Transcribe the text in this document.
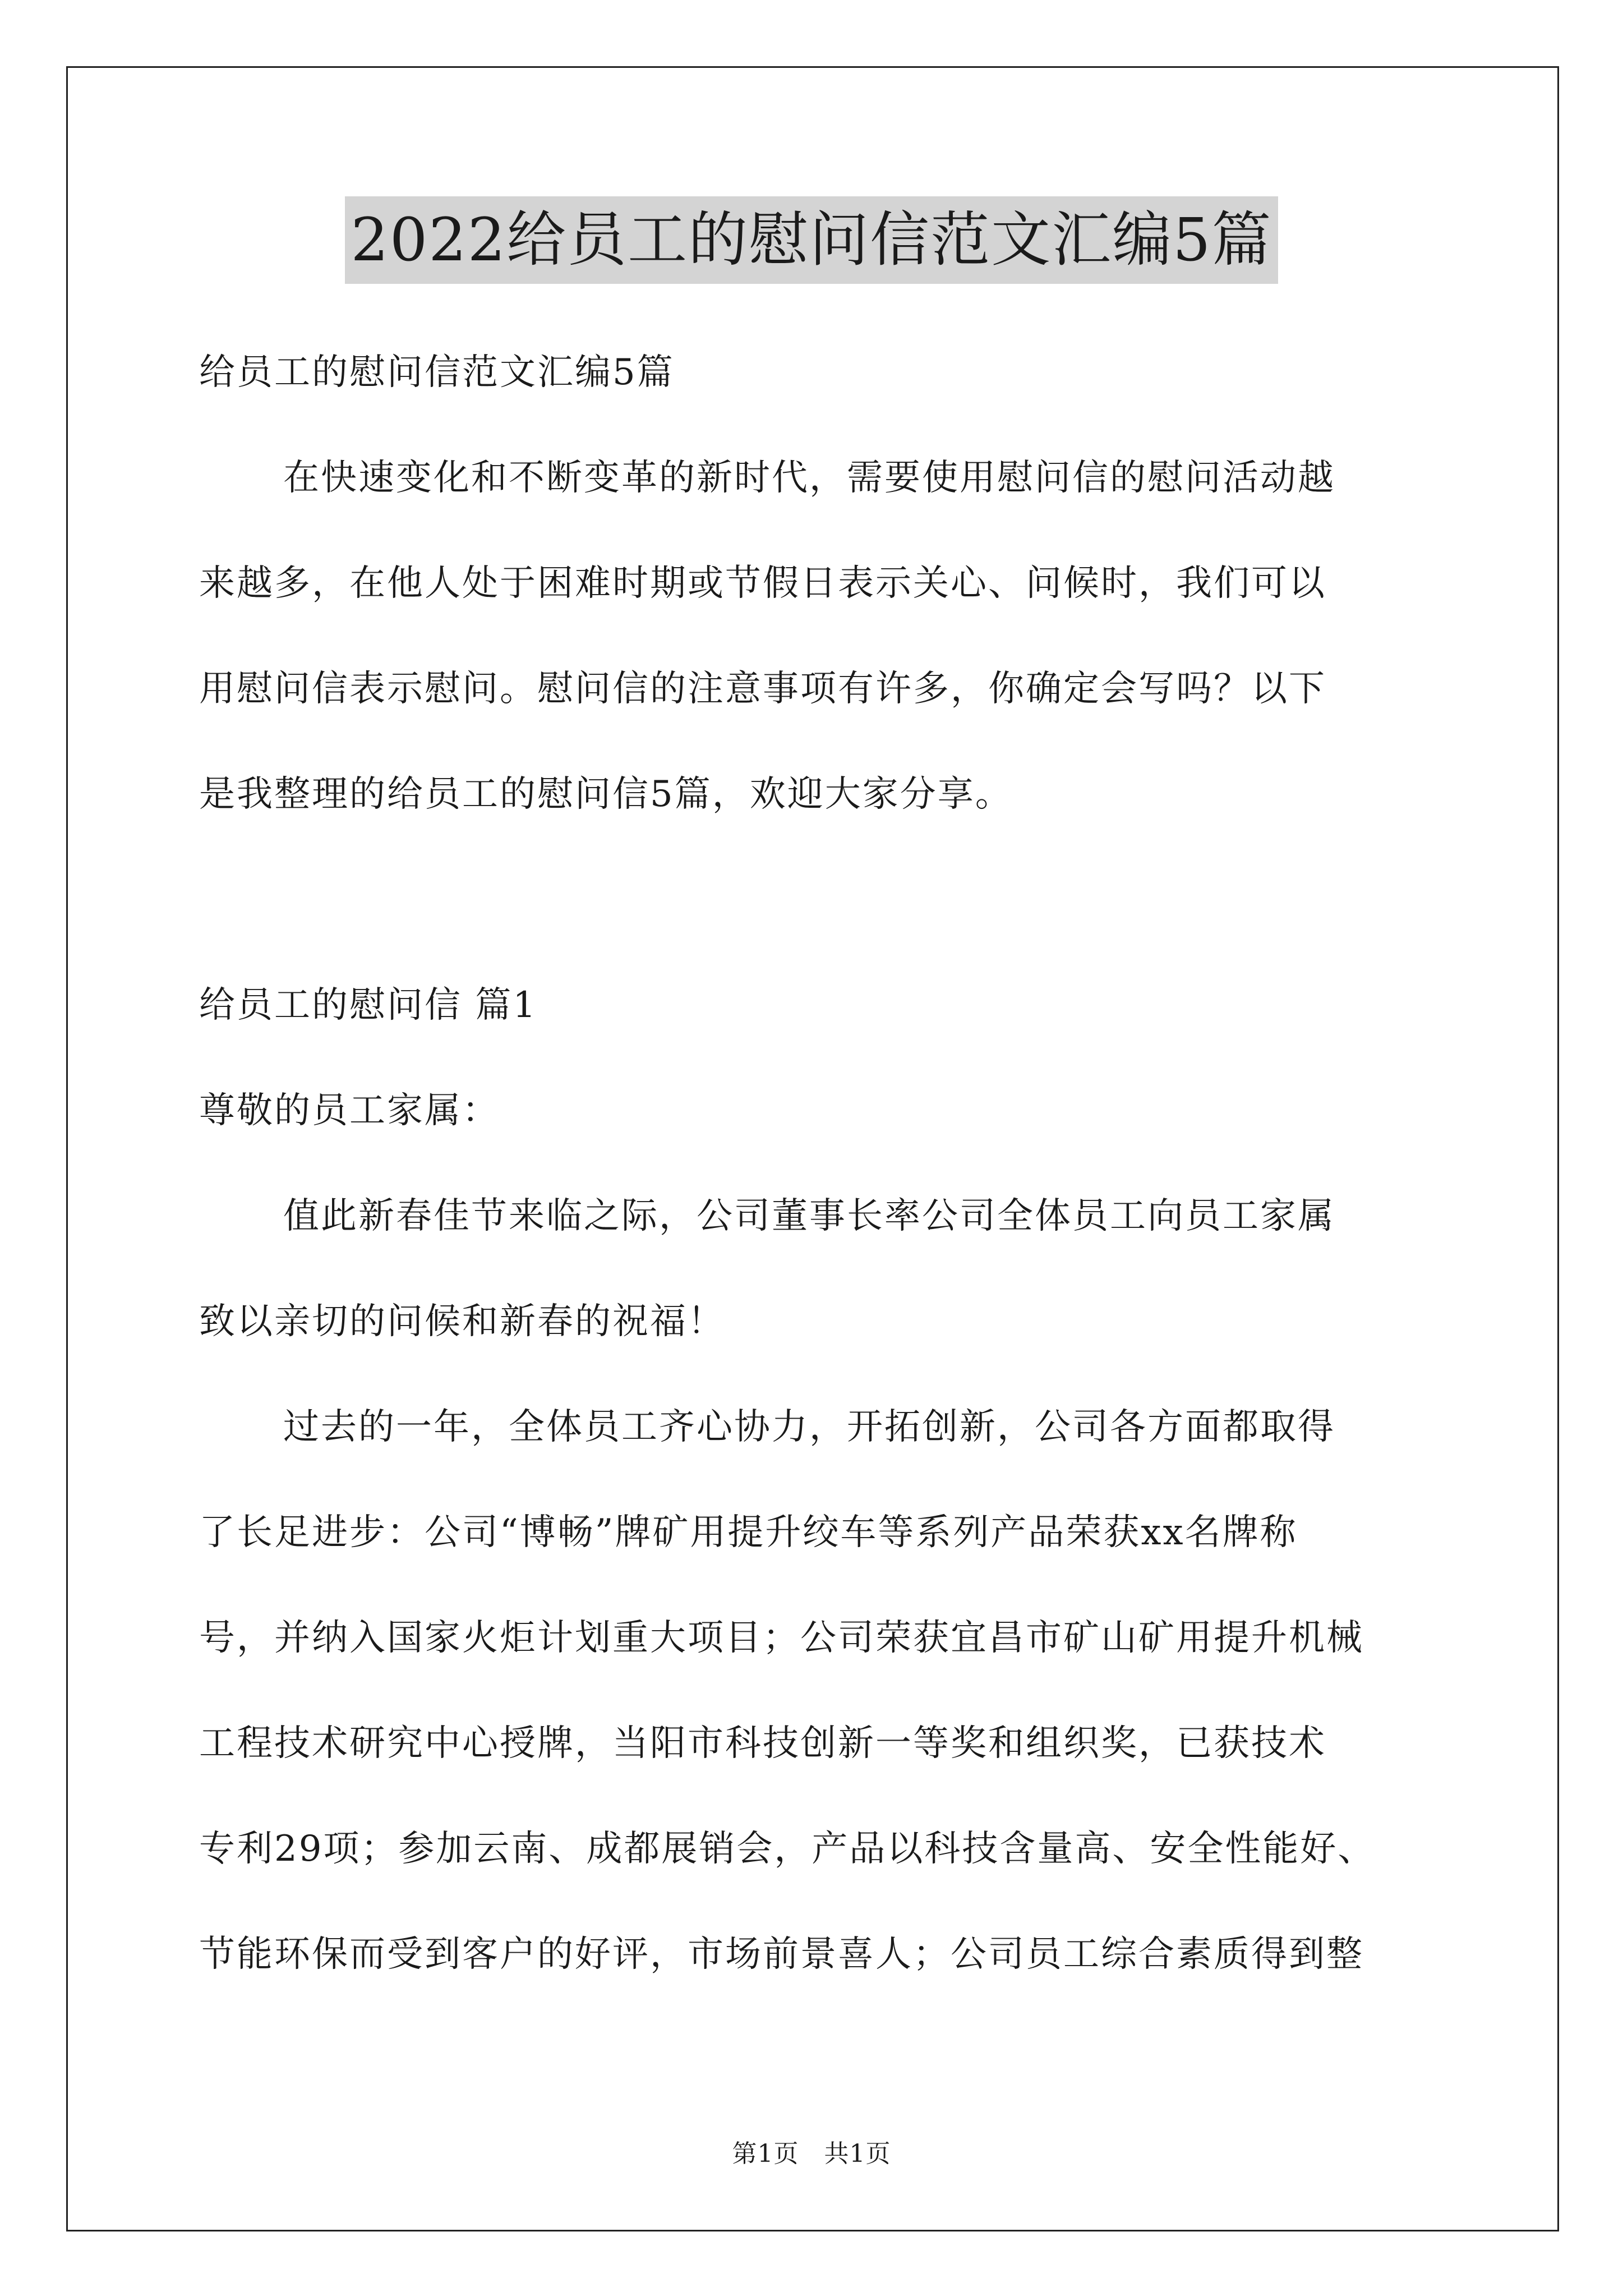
2022给员工的慰问信范文汇编5篇
给员工的慰问信范文汇编5篇
在快速变化和不断变革的新时代，需要使用慰问信的慰问活动越
来越多，在他人处于困难时期或节假日表示关心、问候时，我们可以
用慰问信表示慰问。慰问信的注意事项有许多，你确定会写吗？以下
是我整理的给员工的慰问信5篇，欢迎大家分享。
给员工的慰问信 篇1
尊敬的员工家属：
值此新春佳节来临之际，公司董事长率公司全体员工向员工家属
致以亲切的问候和新春的祝福！
过去的一年，全体员工齐心协力，开拓创新，公司各方面都取得
了长足进步：公司“博畅”牌矿用提升绞车等系列产品荣获xx名牌称
号，并纳入国家火炬计划重大项目；公司荣获宜昌市矿山矿用提升机械
工程技术研究中心授牌，当阳市科技创新一等奖和组织奖，已获技术
专利29项；参加云南、成都展销会，产品以科技含量高、安全性能好、
节能环保而受到客户的好评，市场前景喜人；公司员工综合素质得到整
第1页　共1页
